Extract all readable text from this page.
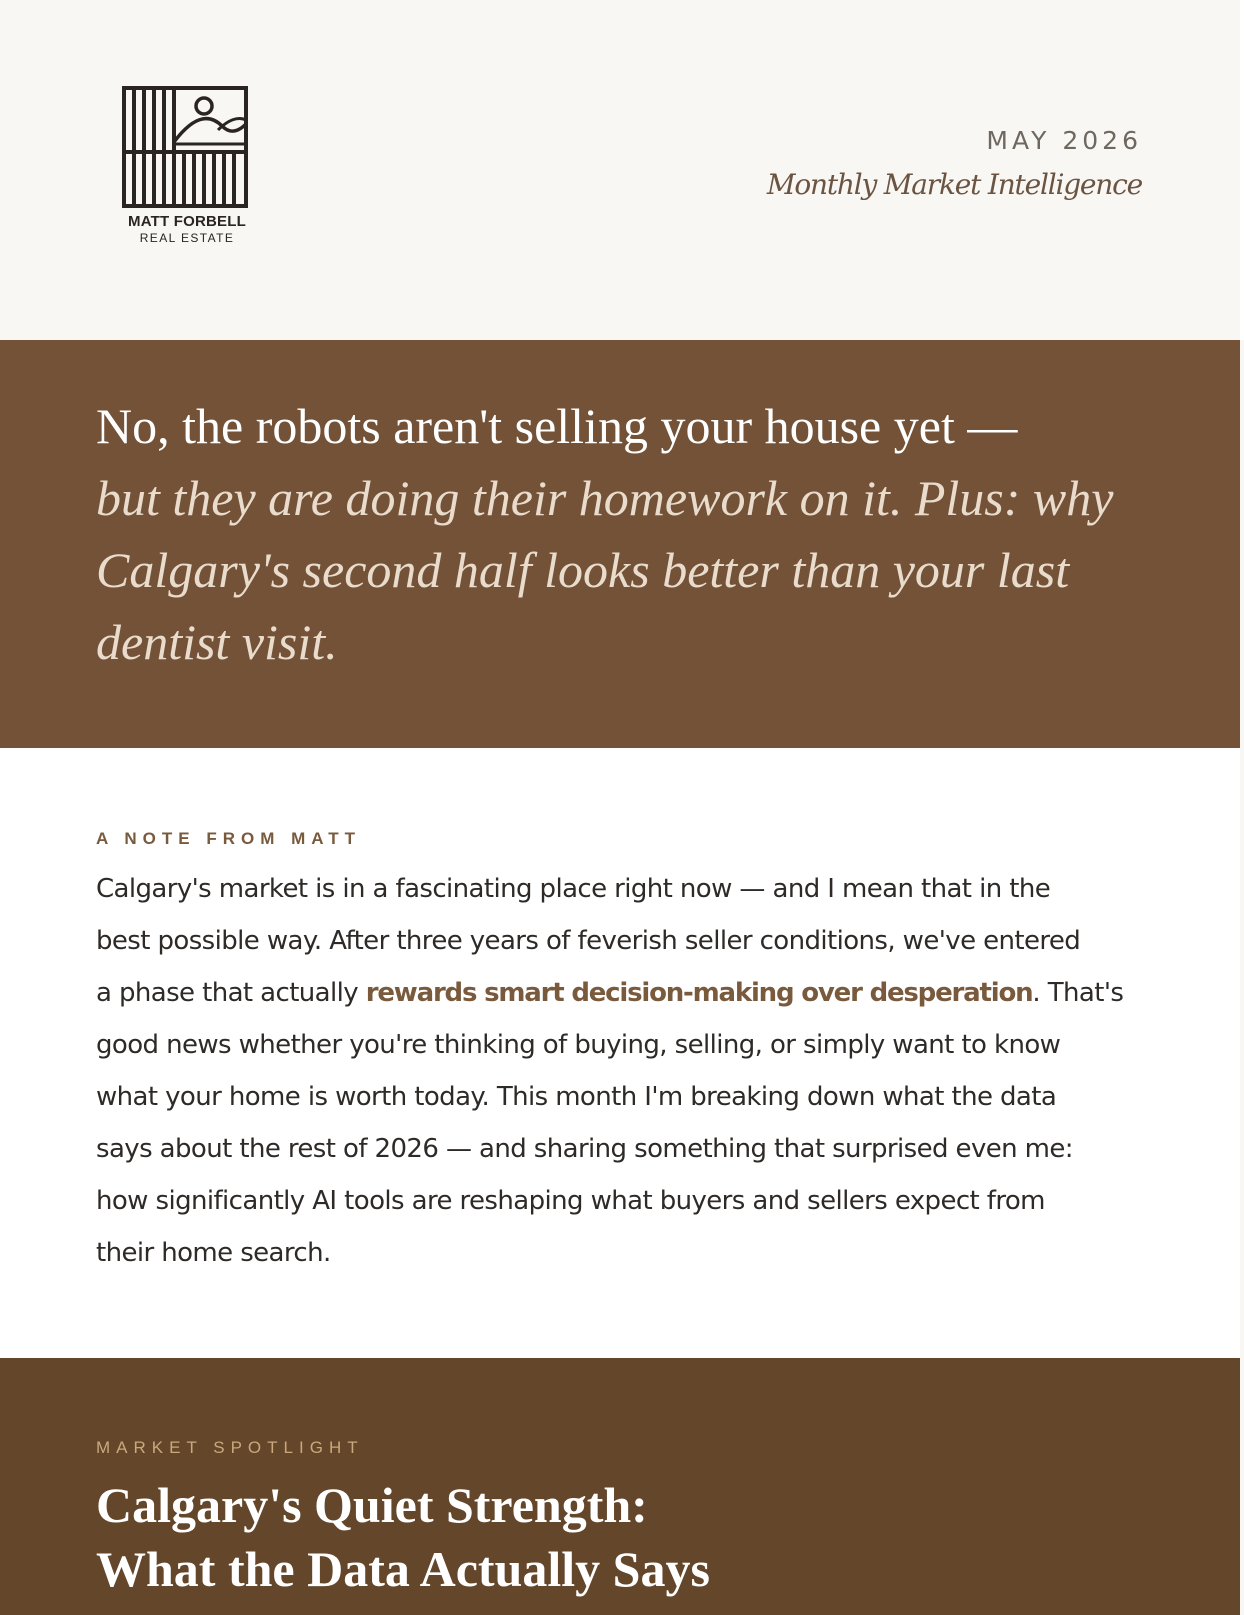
MATT FORBELL
REAL ESTATE
MAY 2026
Monthly Market Intelligence
No, the robots aren't selling your house yet —
but they are doing their homework on it. Plus: why
Calgary's second half looks better than your last
dentist visit.
A NOTE FROM MATT
Calgary's market is in a fascinating place right now — and I mean that in the
best possible way. After three years of feverish seller conditions, we've entered
a phase that actually rewards smart decision-making over desperation. That's
good news whether you're thinking of buying, selling, or simply want to know
what your home is worth today. This month I'm breaking down what the data
says about the rest of 2026 — and sharing something that surprised even me:
how significantly AI tools are reshaping what buyers and sellers expect from
their home search.
MARKET SPOTLIGHT
Calgary's Quiet Strength:
What the Data Actually Says
